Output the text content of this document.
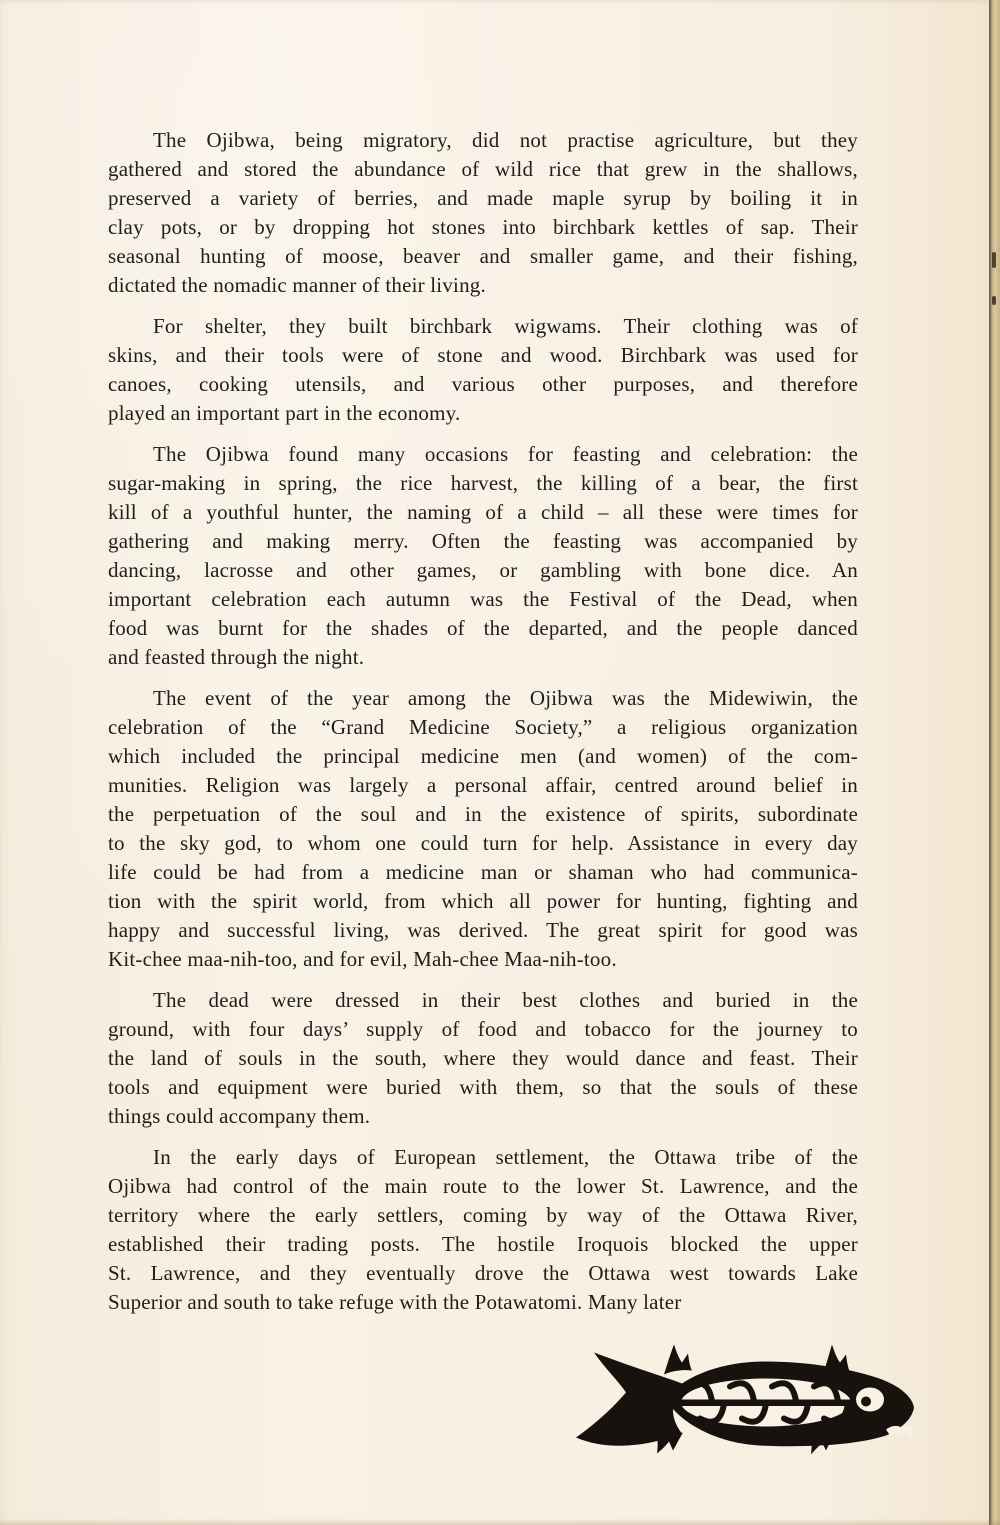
The Ojibwa, being migratory, did not practise agriculture, but they
gathered and stored the abundance of wild rice that grew in the shallows,
preserved a variety of berries, and made maple syrup by boiling it in
clay pots, or by dropping hot stones into birchbark kettles of sap. Their
seasonal hunting of moose, beaver and smaller game, and their fishing,
dictated the nomadic manner of their living.
For shelter, they built birchbark wigwams. Their clothing was of
skins, and their tools were of stone and wood. Birchbark was used for
canoes, cooking utensils, and various other purposes, and therefore
played an important part in the economy.
The Ojibwa found many occasions for feasting and celebration: the
sugar-making in spring, the rice harvest, the killing of a bear, the first
kill of a youthful hunter, the naming of a child – all these were times for
gathering and making merry. Often the feasting was accompanied by
dancing, lacrosse and other games, or gambling with bone dice. An
important celebration each autumn was the Festival of the Dead, when
food was burnt for the shades of the departed, and the people danced
and feasted through the night.
The event of the year among the Ojibwa was the Midewiwin, the
celebration of the “Grand Medicine Society,” a religious organization
which included the principal medicine men (and women) of the com-
munities. Religion was largely a personal affair, centred around belief in
the perpetuation of the soul and in the existence of spirits, subordinate
to the sky god, to whom one could turn for help. Assistance in every day
life could be had from a medicine man or shaman who had communica-
tion with the spirit world, from which all power for hunting, fighting and
happy and successful living, was derived. The great spirit for good was
Kit-chee maa-nih-too, and for evil, Mah-chee Maa-nih-too.
The dead were dressed in their best clothes and buried in the
ground, with four days’ supply of food and tobacco for the journey to
the land of souls in the south, where they would dance and feast. Their
tools and equipment were buried with them, so that the souls of these
things could accompany them.
In the early days of European settlement, the Ottawa tribe of the
Ojibwa had control of the main route to the lower St. Lawrence, and the
territory where the early settlers, coming by way of the Ottawa River,
established their trading posts. The hostile Iroquois blocked the upper
St. Lawrence, and they eventually drove the Ottawa west towards Lake
Superior and south to take refuge with the Potawatomi. Many later
